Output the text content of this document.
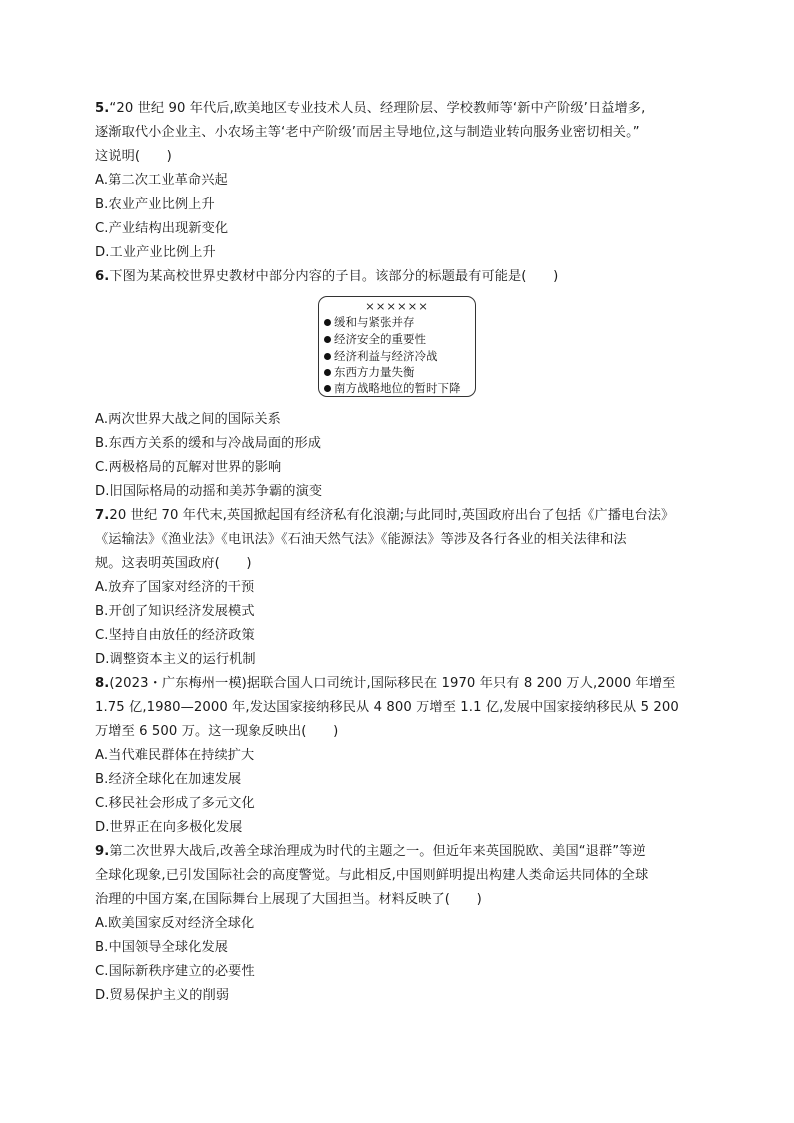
5.“20 世纪 90 年代后,欧美地区专业技术人员、经理阶层、学校教师等‘新中产阶级’日益增多,
逐渐取代小企业主、小农场主等‘老中产阶级’而居主导地位,这与制造业转向服务业密切相关。”
这说明(　　)
A.第二次工业革命兴起
B.农业产业比例上升
C.产业结构出现新变化
D.工业产业比例上升
6.下图为某高校世界史教材中部分内容的子目。该部分的标题最有可能是(　　)
××××××
缓和与紧张并存
经济安全的重要性
经济利益与经济冷战
东西方力量失衡
南方战略地位的暂时下降
A.两次世界大战之间的国际关系
B.东西方关系的缓和与冷战局面的形成
C.两极格局的瓦解对世界的影响
D.旧国际格局的动摇和美苏争霸的演变
7.20 世纪 70 年代末,英国掀起国有经济私有化浪潮;与此同时,英国政府出台了包括《广播电台法》
《运输法》《渔业法》《电讯法》《石油天然气法》《能源法》等涉及各行各业的相关法律和法
规。这表明英国政府(　　)
A.放弃了国家对经济的干预
B.开创了知识经济发展模式
C.坚持自由放任的经济政策
D.调整资本主义的运行机制
8.(2023・广东梅州一模)据联合国人口司统计,国际移民在 1970 年只有 8 200 万人,2000 年增至
1.75 亿,1980—2000 年,发达国家接纳移民从 4 800 万增至 1.1 亿,发展中国家接纳移民从 5 200
万增至 6 500 万。这一现象反映出(　　)
A.当代难民群体在持续扩大
B.经济全球化在加速发展
C.移民社会形成了多元文化
D.世界正在向多极化发展
9.第二次世界大战后,改善全球治理成为时代的主题之一。但近年来英国脱欧、美国“退群”等逆
全球化现象,已引发国际社会的高度警觉。与此相反,中国则鲜明提出构建人类命运共同体的全球
治理的中国方案,在国际舞台上展现了大国担当。材料反映了(　　)
A.欧美国家反对经济全球化
B.中国领导全球化发展
C.国际新秩序建立的必要性
D.贸易保护主义的削弱
